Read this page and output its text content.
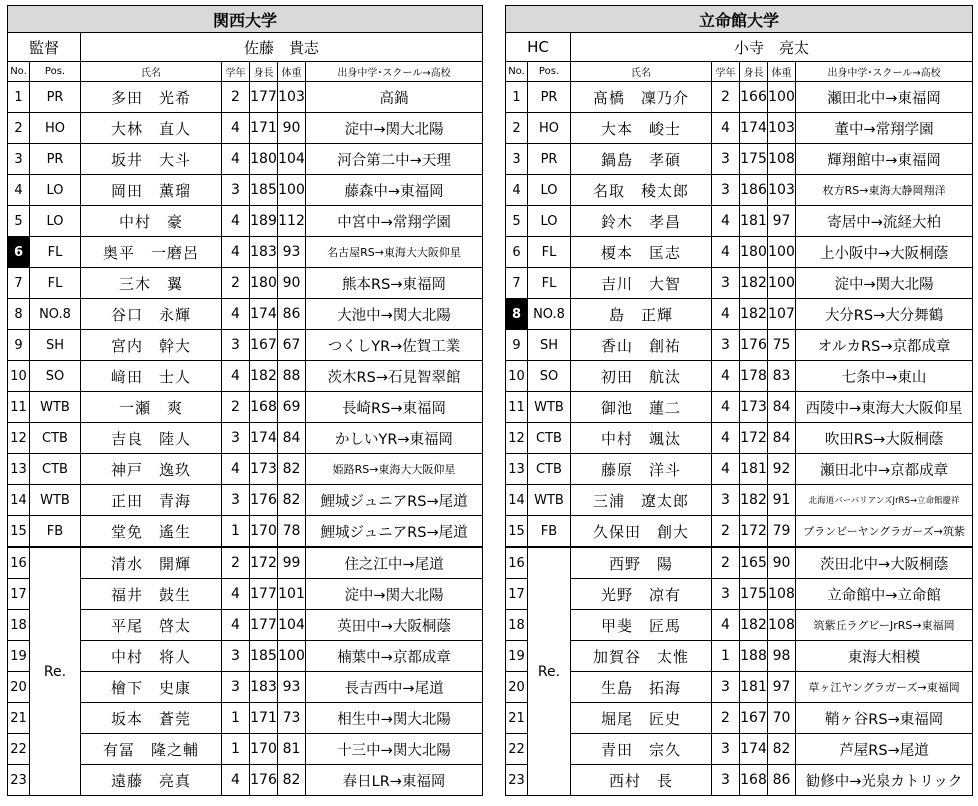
関西大学						
監督		佐藤　貴志				
No.	Pos.	氏名	学年	身長	体重	出身中学･スクール→高校
1	PR	多田　光希	2	177	103	高鍋
2	HO	大林　直人	4	171	90	淀中→関大北陽
3	PR	坂井　大斗	4	180	104	河合第二中→天理
4	LO	岡田　薫瑠	3	185	100	藤森中→東福岡
5	LO	中村　豪	4	189	112	中宮中→常翔学園
6	FL	奥平　一磨呂	4	183	93	名古屋RS→東海大大阪仰星
7	FL	三木　翼	2	180	90	熊本RS→東福岡
8	NO.8	谷口　永輝	4	174	86	大池中→関大北陽
9	SH	宮内　幹大	3	167	67	つくしYR→佐賀工業
10	SO	﨑田　士人	4	182	88	茨木RS→石見智翠館
11	WTB	一瀬　爽	2	168	69	長崎RS→東福岡
12	CTB	吉良　陸人	3	174	84	かしいYR→東福岡
13	CTB	神戸　逸玖	4	173	82	姫路RS→東海大大阪仰星
14	WTB	正田　青海	3	176	82	鯉城ジュニアRS→尾道
15	FB	堂免　遙生	1	170	78	鯉城ジュニアRS→尾道
16	Re.	清水　開輝	2	172	99	住之江中→尾道
17		福井　鼓生	4	177	101	淀中→関大北陽
18		平尾　啓太	4	177	104	英田中→大阪桐蔭
19		中村　将人	3	185	100	楠葉中→京都成章
20		檜下　史康	3	183	93	長吉西中→尾道
21		坂本　蒼莞	1	171	73	相生中→関大北陽
22		有冨　隆之輔	1	170	81	十三中→関大北陽
23		遠藤　亮真	4	176	82	春日LR→東福岡
立命館大学						
HC		小寺　亮太				
No.	Pos.	氏名	学年	身長	体重	出身中学･スクール→高校
1	PR	髙橋　凜乃介	2	166	100	瀬田北中→東福岡
2	HO	大本　峻士	4	174	103	董中→常翔学園
3	PR	鍋島　孝碩	3	175	108	輝翔館中→東福岡
4	LO	名取　稜太郎	3	186	103	枚方RS→東海大静岡翔洋
5	LO	鈴木　孝昌	4	181	97	寄居中→流経大柏
6	FL	榎本　匡志	4	180	100	上小阪中→大阪桐蔭
7	FL	吉川　大智	3	182	100	淀中→関大北陽
8	NO.8	島　正輝	4	182	107	大分RS→大分舞鶴
9	SH	香山　創祐	3	176	75	オルカRS→京都成章
10	SO	初田　航汰	4	178	83	七条中→東山
11	WTB	御池　蓮二	4	173	84	西陵中→東海大大阪仰星
12	CTB	中村　颯汰	4	172	84	吹田RS→大阪桐蔭
13	CTB	藤原　洋斗	4	181	92	瀬田北中→京都成章
14	WTB	三浦　遼太郎	3	182	91	北海道バーバリアンズJrRS→立命館慶祥
15	FB	久保田　創大	2	172	79	ブランビーヤングラガーズ→筑紫
16	Re.	西野　陽	2	165	90	茨田北中→大阪桐蔭
17		光野　凉有	3	175	108	立命館中→立命館
18		甲斐　匠馬	4	182	108	筑紫丘ラグビーJrRS→東福岡
19		加賀谷　太惟	1	188	98	東海大相模
20		生島　拓海	3	181	97	草ヶ江ヤングラガーズ→東福岡
21		堀尾　匠史	2	167	70	鞘ヶ谷RS→東福岡
22		青田　宗久	3	174	82	芦屋RS→尾道
23		西村　長	3	168	86	勧修中→光泉カトリック
